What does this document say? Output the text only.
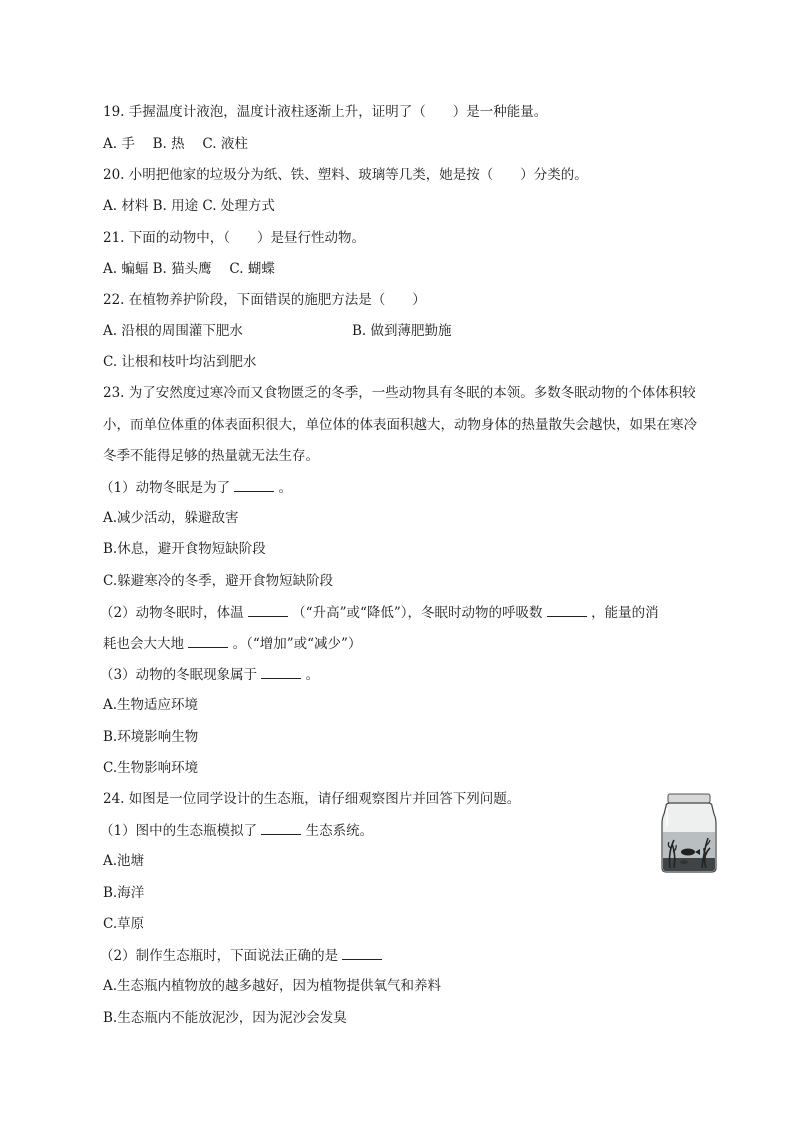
19. 手握温度计液泡，温度计液柱逐渐上升，证明了（　　）是一种能量。
A. 手　 B. 热　 C. 液柱
20. 小明把他家的垃圾分为纸、铁、塑料、玻璃等几类，她是按（　　）分类的。
A. 材料 B. 用途 C. 处理方式
21. 下面的动物中，（　　）是昼行性动物。
A. 蝙蝠 B. 猫头鹰　 C. 蝴蝶
22. 在植物养护阶段，下面错误的施肥方法是（　　）
A. 沿根的周围灌下肥水	B. 做到薄肥勤施
C. 让根和枝叶均沾到肥水
23. 为了安然度过寒冷而又食物匮乏的冬季，一些动物具有冬眠的本领。多数冬眠动物的个体体积较
小，而单位体重的体表面积很大，单位体的体表面积越大，动物身体的热量散失会越快，如果在寒冷
冬季不能得足够的热量就无法生存。
（1）动物冬眠是为了	。
A.减少活动，躲避敌害
B.休息，避开食物短缺阶段
C.躲避寒冷的冬季，避开食物短缺阶段
（2）动物冬眠时，体温	（“升高”或“降低”），冬眠时动物的呼吸数	，能量的消
耗也会大大地	。（“增加”或“减少”）
（3）动物的冬眠现象属于	。
A.生物适应环境
B.环境影响生物
C.生物影响环境
24. 如图是一位同学设计的生态瓶，请仔细观察图片并回答下列问题。
（1）图中的生态瓶模拟了	生态系统。
A.池塘
B.海洋
C.草原
（2）制作生态瓶时，下面说法正确的是
A.生态瓶内植物放的越多越好，因为植物提供氧气和养料
B.生态瓶内不能放泥沙，因为泥沙会发臭
